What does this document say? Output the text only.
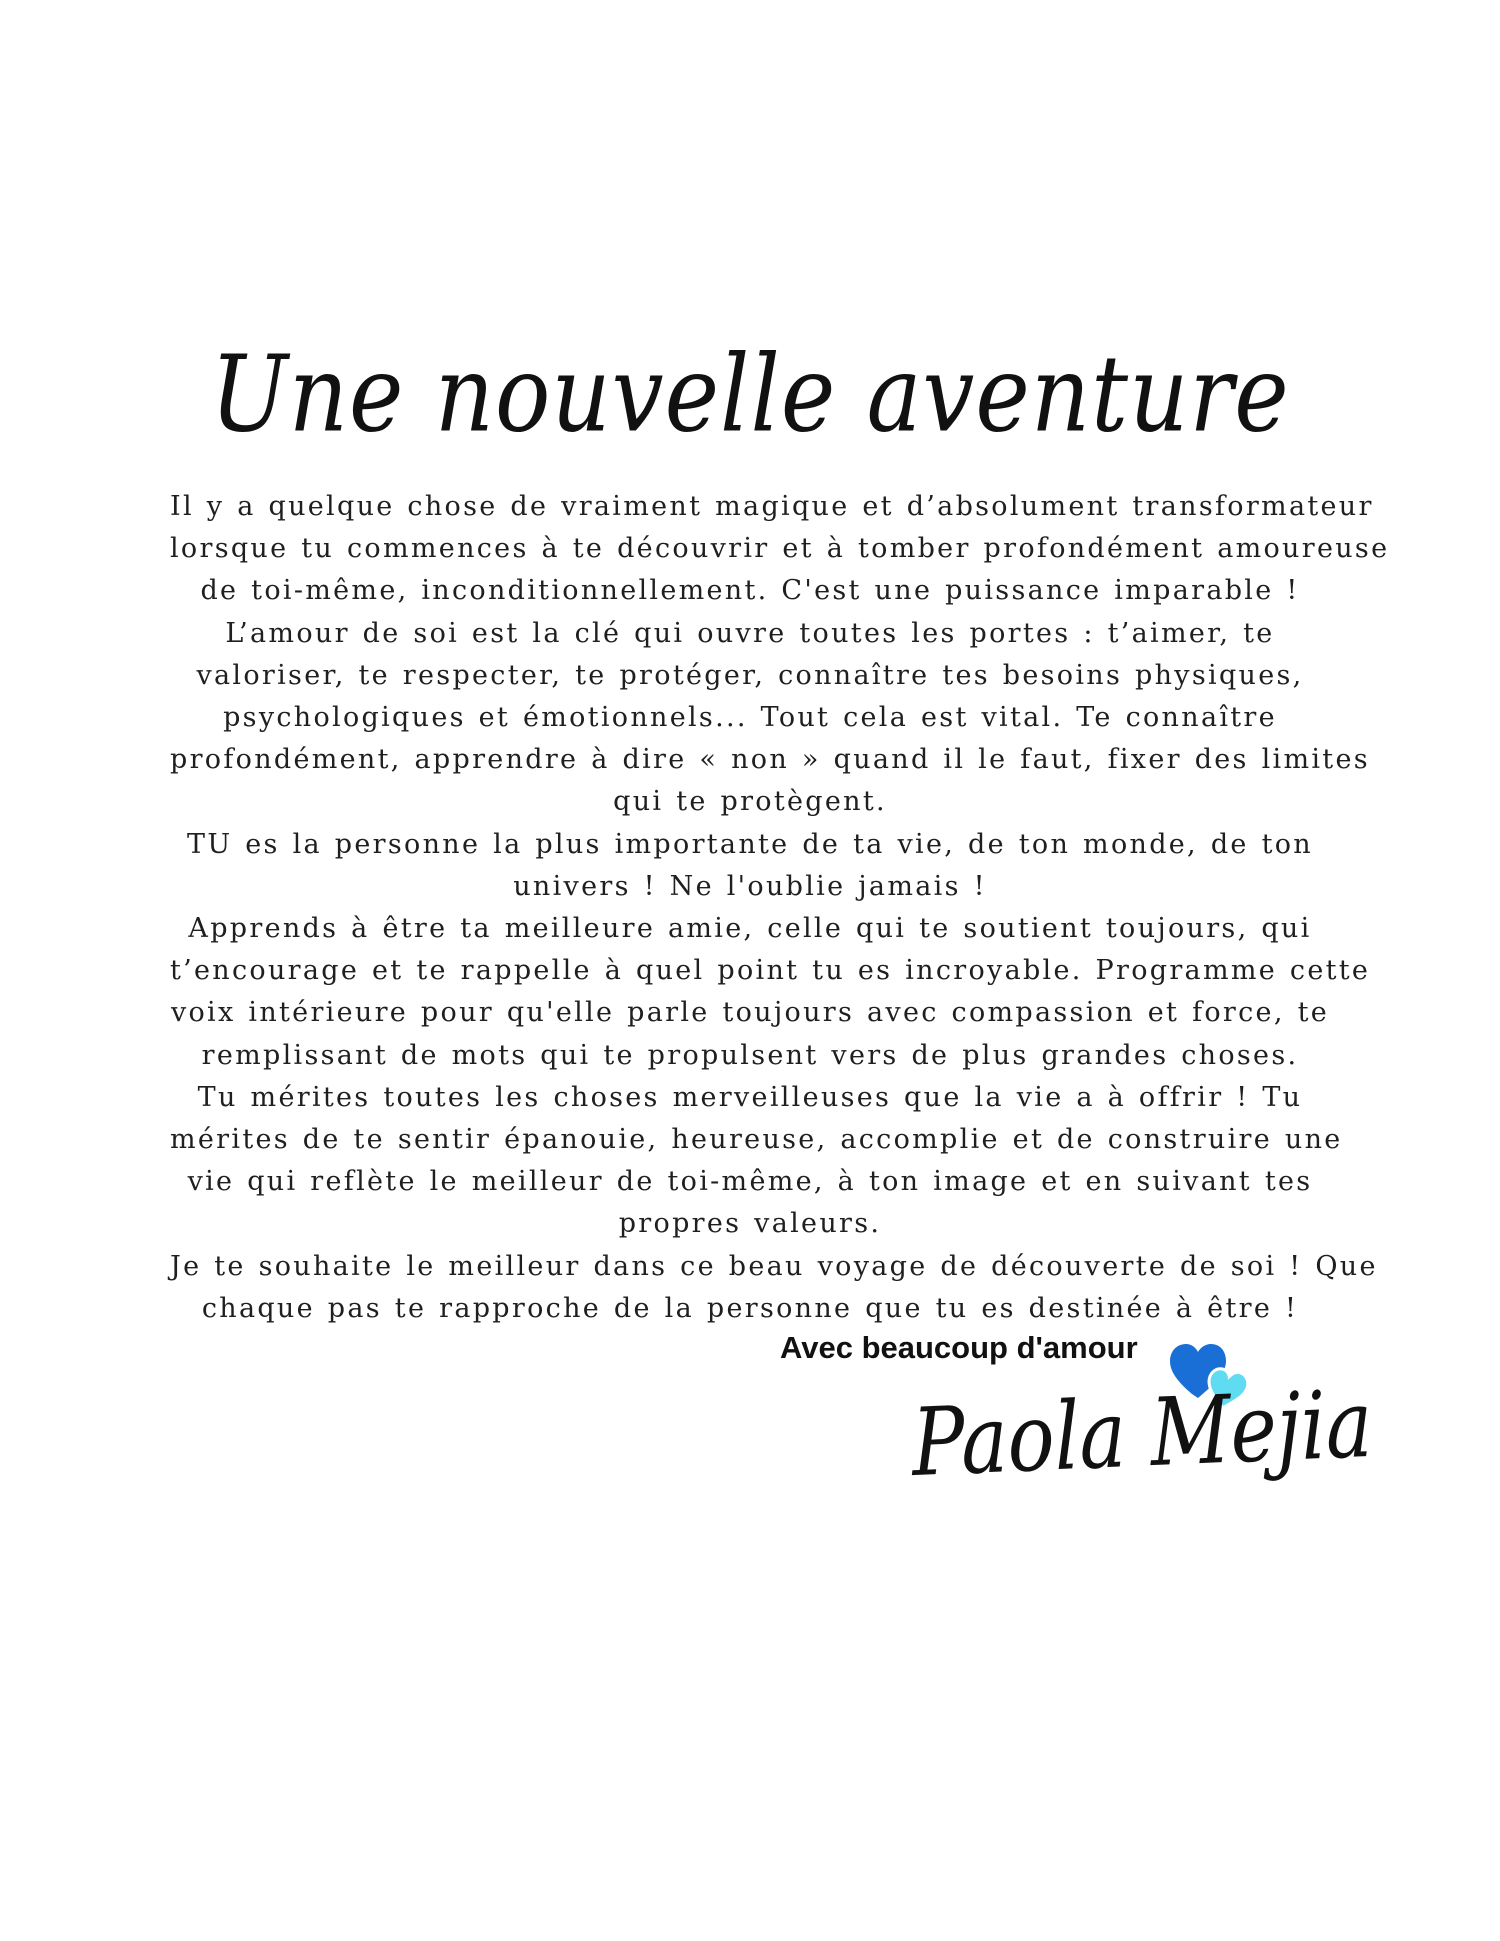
Une nouvelle aventure
Il y a quelque chose de vraiment magique et d’absolument transformateur
lorsque tu commences à te découvrir et à tomber profondément amoureuse
de toi-même, inconditionnellement. C'est une puissance imparable !
L’amour de soi est la clé qui ouvre toutes les portes : t’aimer, te
valoriser, te respecter, te protéger, connaître tes besoins physiques,
psychologiques et émotionnels... Tout cela est vital. Te connaître
profondément, apprendre à dire « non » quand il le faut, fixer des limites
qui te protègent.
TU es la personne la plus importante de ta vie, de ton monde, de ton
univers ! Ne l'oublie jamais !
Apprends à être ta meilleure amie, celle qui te soutient toujours, qui
t’encourage et te rappelle à quel point tu es incroyable. Programme cette
voix intérieure pour qu'elle parle toujours avec compassion et force, te
remplissant de mots qui te propulsent vers de plus grandes choses.
Tu mérites toutes les choses merveilleuses que la vie a à offrir ! Tu
mérites de te sentir épanouie, heureuse, accomplie et de construire une
vie qui reflète le meilleur de toi-même, à ton image et en suivant tes
propres valeurs.
Je te souhaite le meilleur dans ce beau voyage de découverte de soi ! Que
chaque pas te rapproche de la personne que tu es destinée à être !
Avec beaucoup d'amour
Paola Mejia
